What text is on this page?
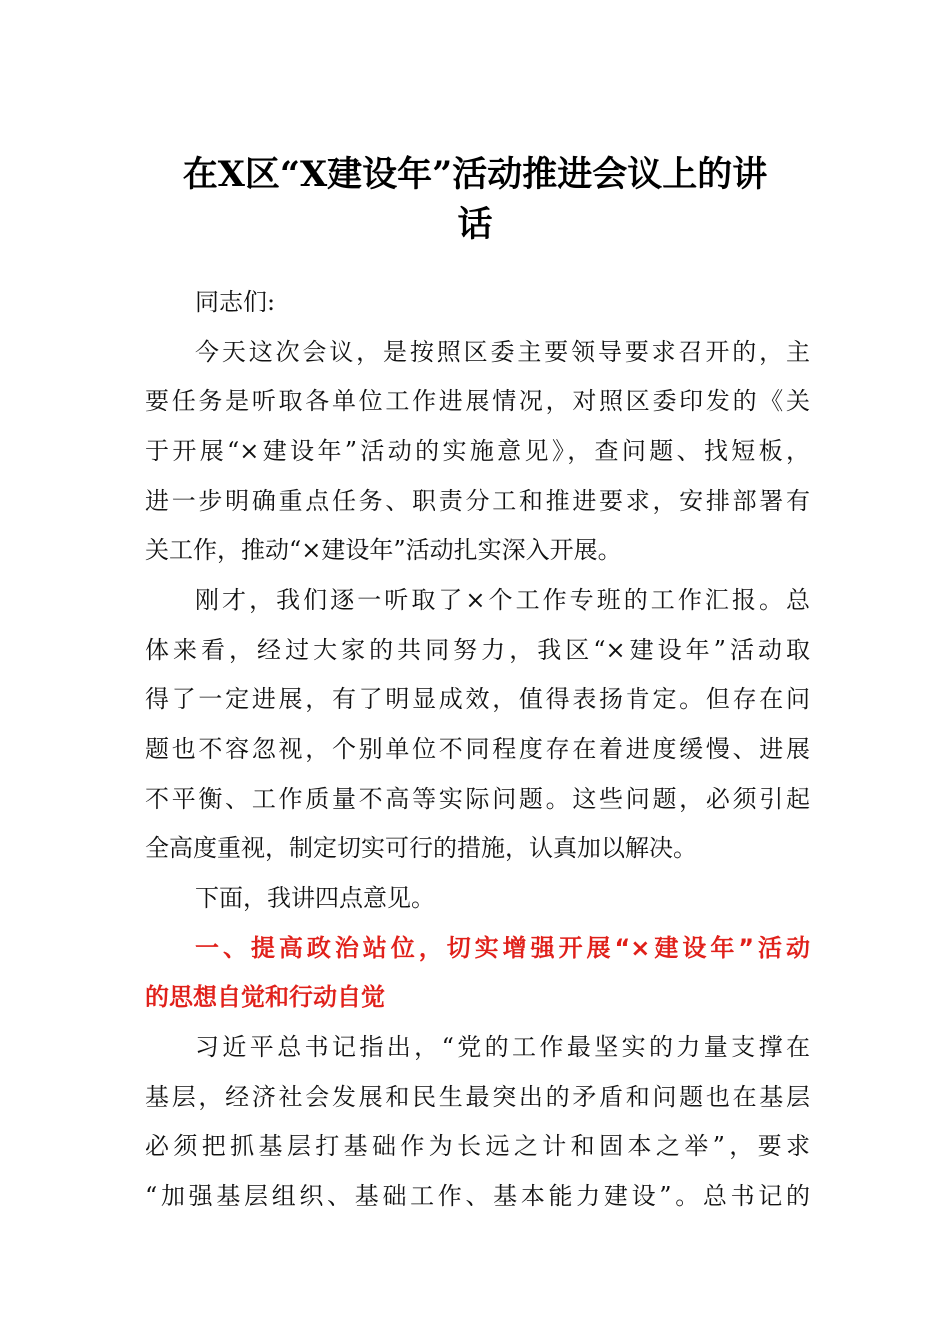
在X区“X建设年”活动推进会议上的讲
话

同志们:

今天这次会议，是按照区委主要领导要求召开的，主

要任务是听取各单位工作进展情况，对照区委印发的《关

于开展“×建设年”活动的实施意见》，查问题、找短板，

进一步明确重点任务、职责分工和推进要求，安排部署有

关工作，推动“×建设年”活动扎实深入开展。

刚才，我们逐一听取了×个工作专班的工作汇报。总

体来看，经过大家的共同努力，我区“×建设年”活动取

得了一定进展，有了明显成效，值得表扬肯定。但存在问

题也不容忽视，个别单位不同程度存在着进度缓慢、进展

不平衡、工作质量不高等实际问题。这些问题，必须引起

全高度重视，制定切实可行的措施，认真加以解决。

下面，我讲四点意见。

一、提高政治站位，切实增强开展“×建设年”活动

的思想自觉和行动自觉

习近平总书记指出，“党的工作最坚实的力量支撑在

基层，经济社会发展和民生最突出的矛盾和问题也在基层

必须把抓基层打基础作为长远之计和固本之举”，要求

“加强基层组织、基础工作、基本能力建设”。总书记的
